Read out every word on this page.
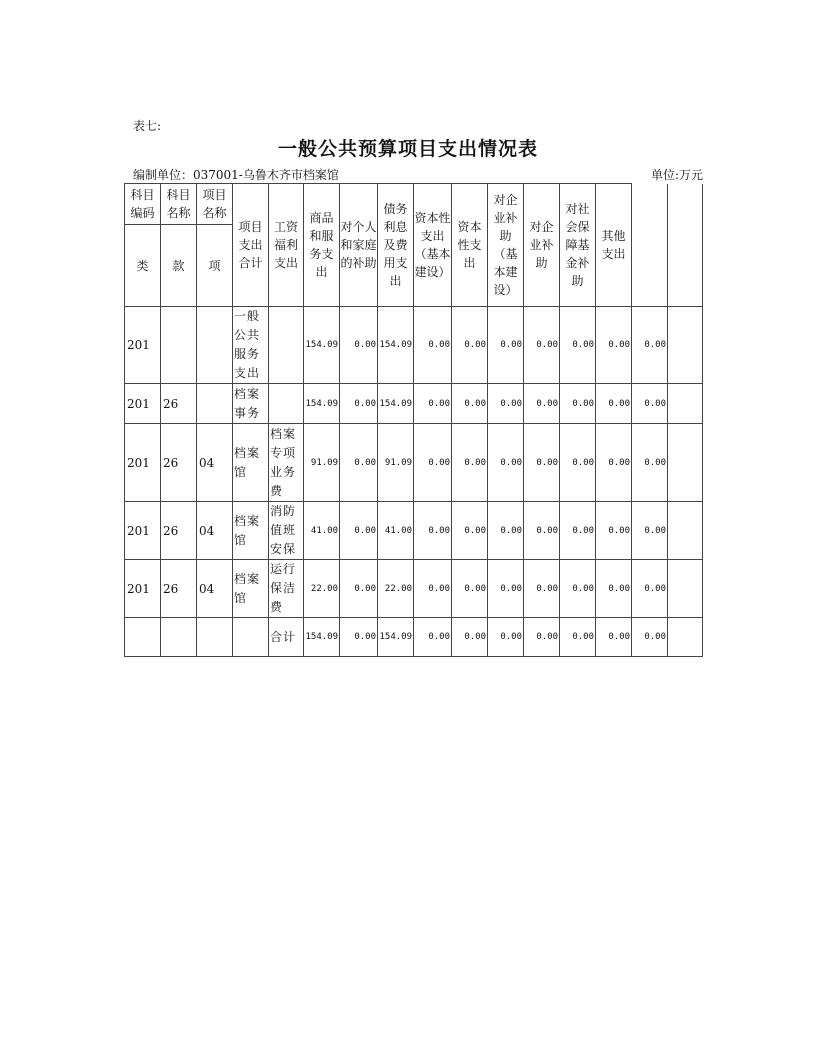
表七:
一般公共预算项目支出情况表
编制单位：037001-乌鲁木齐市档案馆	单位:万元
科目编码	科目名称	项目名称	项目支出合计	工资福利支出	商品和服务支出	对个人和家庭的补助	债务利息及费用支出	资本性支出（基本建设）	资本性支出	对企业补助（基本建设）	对企业补助	对社会保障基金补助	其他支出		
类	款	项													
201			一般公共服务支出		154.09	0.00	154.09	0.00	0.00	0.00	0.00	0.00	0.00	0.00	
201	26		档案事务		154.09	0.00	154.09	0.00	0.00	0.00	0.00	0.00	0.00	0.00	
201	26	04	档案馆	档案专项业务费	91.09	0.00	91.09	0.00	0.00	0.00	0.00	0.00	0.00	0.00	
201	26	04	档案馆	消防值班安保	41.00	0.00	41.00	0.00	0.00	0.00	0.00	0.00	0.00	0.00	
201	26	04	档案馆	运行保洁费	22.00	0.00	22.00	0.00	0.00	0.00	0.00	0.00	0.00	0.00	
				合计	154.09	0.00	154.09	0.00	0.00	0.00	0.00	0.00	0.00	0.00	
